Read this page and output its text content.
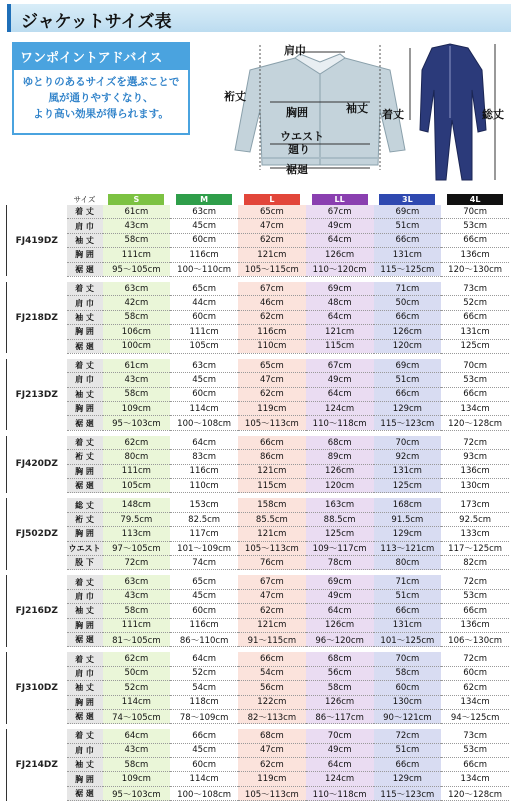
ジャケットサイズ表
ワンポイントアドバイス
ゆとりのあるサイズを選ぶことで
風が通りやすくなり、
より高い効果が得られます。
肩巾
裄丈
胸囲	袖丈
ウエスト
廻り
裾廻
着丈	総丈
	サイズ	S	M	L	LL	3L	4L
FJ419DZ	着 丈	61cm	63cm	65cm	67cm	69cm	70cm
	肩 巾	43cm	45cm	47cm	49cm	51cm	53cm
	袖 丈	58cm	60cm	62cm	64cm	66cm	66cm
	胸 囲	111cm	116cm	121cm	126cm	131cm	136cm
	裾 廻	95～105cm	100～110cm	105～115cm	110～120cm	115～125cm	120～130cm

FJ218DZ	着 丈	63cm	65cm	67cm	69cm	71cm	73cm
	肩 巾	42cm	44cm	46cm	48cm	50cm	52cm
	袖 丈	58cm	60cm	62cm	64cm	66cm	66cm
	胸 囲	106cm	111cm	116cm	121cm	126cm	131cm
	裾 廻	100cm	105cm	110cm	115cm	120cm	125cm

FJ213DZ	着 丈	61cm	63cm	65cm	67cm	69cm	70cm
	肩 巾	43cm	45cm	47cm	49cm	51cm	53cm
	袖 丈	58cm	60cm	62cm	64cm	66cm	66cm
	胸 囲	109cm	114cm	119cm	124cm	129cm	134cm
	裾 廻	95～103cm	100～108cm	105～113cm	110～118cm	115～123cm	120～128cm

FJ420DZ	着 丈	62cm	64cm	66cm	68cm	70cm	72cm
	裄 丈	80cm	83cm	86cm	89cm	92cm	93cm
	胸 囲	111cm	116cm	121cm	126cm	131cm	136cm
	裾 廻	105cm	110cm	115cm	120cm	125cm	130cm

FJ502DZ	総 丈	148cm	153cm	158cm	163cm	168cm	173cm
	裄 丈	79.5cm	82.5cm	85.5cm	88.5cm	91.5cm	92.5cm
	胸 囲	113cm	117cm	121cm	125cm	129cm	133cm
	ウエスト	97～105cm	101～109cm	105～113cm	109～117cm	113～121cm	117～125cm
	股 下	72cm	74cm	76cm	78cm	80cm	82cm

FJ216DZ	着 丈	63cm	65cm	67cm	69cm	71cm	72cm
	肩 巾	43cm	45cm	47cm	49cm	51cm	53cm
	袖 丈	58cm	60cm	62cm	64cm	66cm	66cm
	胸 囲	111cm	116cm	121cm	126cm	131cm	136cm
	裾 廻	81～105cm	86～110cm	91～115cm	96～120cm	101～125cm	106～130cm

FJ310DZ	着 丈	62cm	64cm	66cm	68cm	70cm	72cm
	肩 巾	50cm	52cm	54cm	56cm	58cm	60cm
	袖 丈	52cm	54cm	56cm	58cm	60cm	62cm
	胸 囲	114cm	118cm	122cm	126cm	130cm	134cm
	裾 廻	74～105cm	78～109cm	82～113cm	86～117cm	90～121cm	94～125cm

FJ214DZ	着 丈	64cm	66cm	68cm	70cm	72cm	73cm
	肩 巾	43cm	45cm	47cm	49cm	51cm	53cm
	袖 丈	58cm	60cm	62cm	64cm	66cm	66cm
	胸 囲	109cm	114cm	119cm	124cm	129cm	134cm
	裾 廻	95～103cm	100～108cm	105～113cm	110～118cm	115～123cm	120～128cm
